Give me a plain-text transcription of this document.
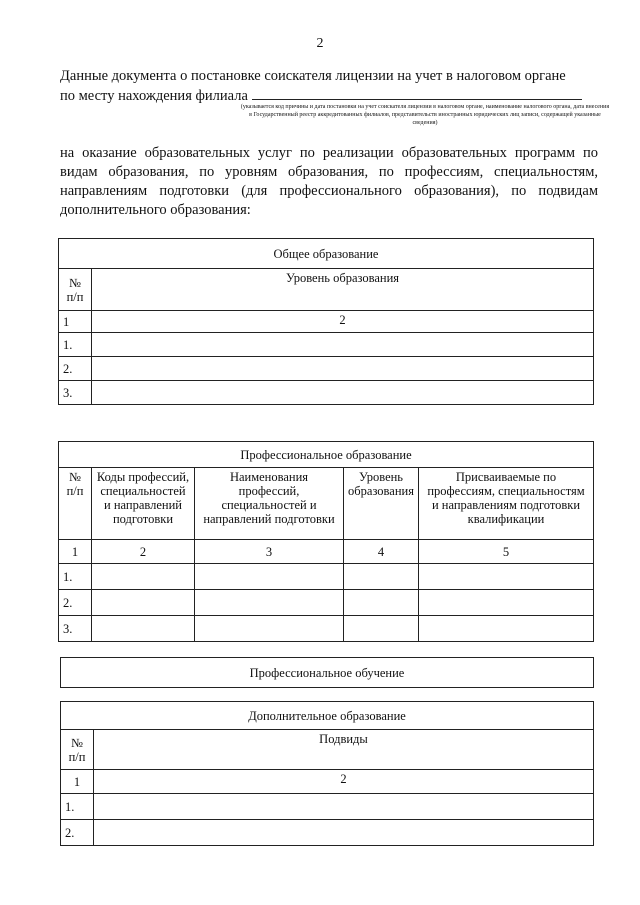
2
Данные документа о постановке соискателя лицензии на учет в налоговом органе
по месту нахождения филиала
(указывается код причины и дата постановки на учет соискателя лицензии в налоговом органе, наименование налогового органа, дата внесения в Государственный реестр аккредитованных филиалов, представительств иностранных юридических лиц записи, содержащей указанные сведения)
на оказание образовательных услуг по реализации образовательных программ по видам образования, по уровням образования, по профессиям, специальностям, направлениям подготовки (для профессионального образования), по подвидам дополнительного образования:
Общее образование	
№ п/п	Уровень образования
1	2
1.	
2.	
3.	
Профессиональное образование				
№ п/п	Коды профессий, специальностей и направлений подготовки	Наименования профессий, специальностей и направлений подготовки	Уровень образования	Присваиваемые по профессиям, специальностям и направлениям подготовки квалификации
1	2	3	4	5
1.				
2.				
3.				
Профессиональное обучение
Дополнительное образование	
№ п/п	Подвиды
1	2
1.	
2.	
